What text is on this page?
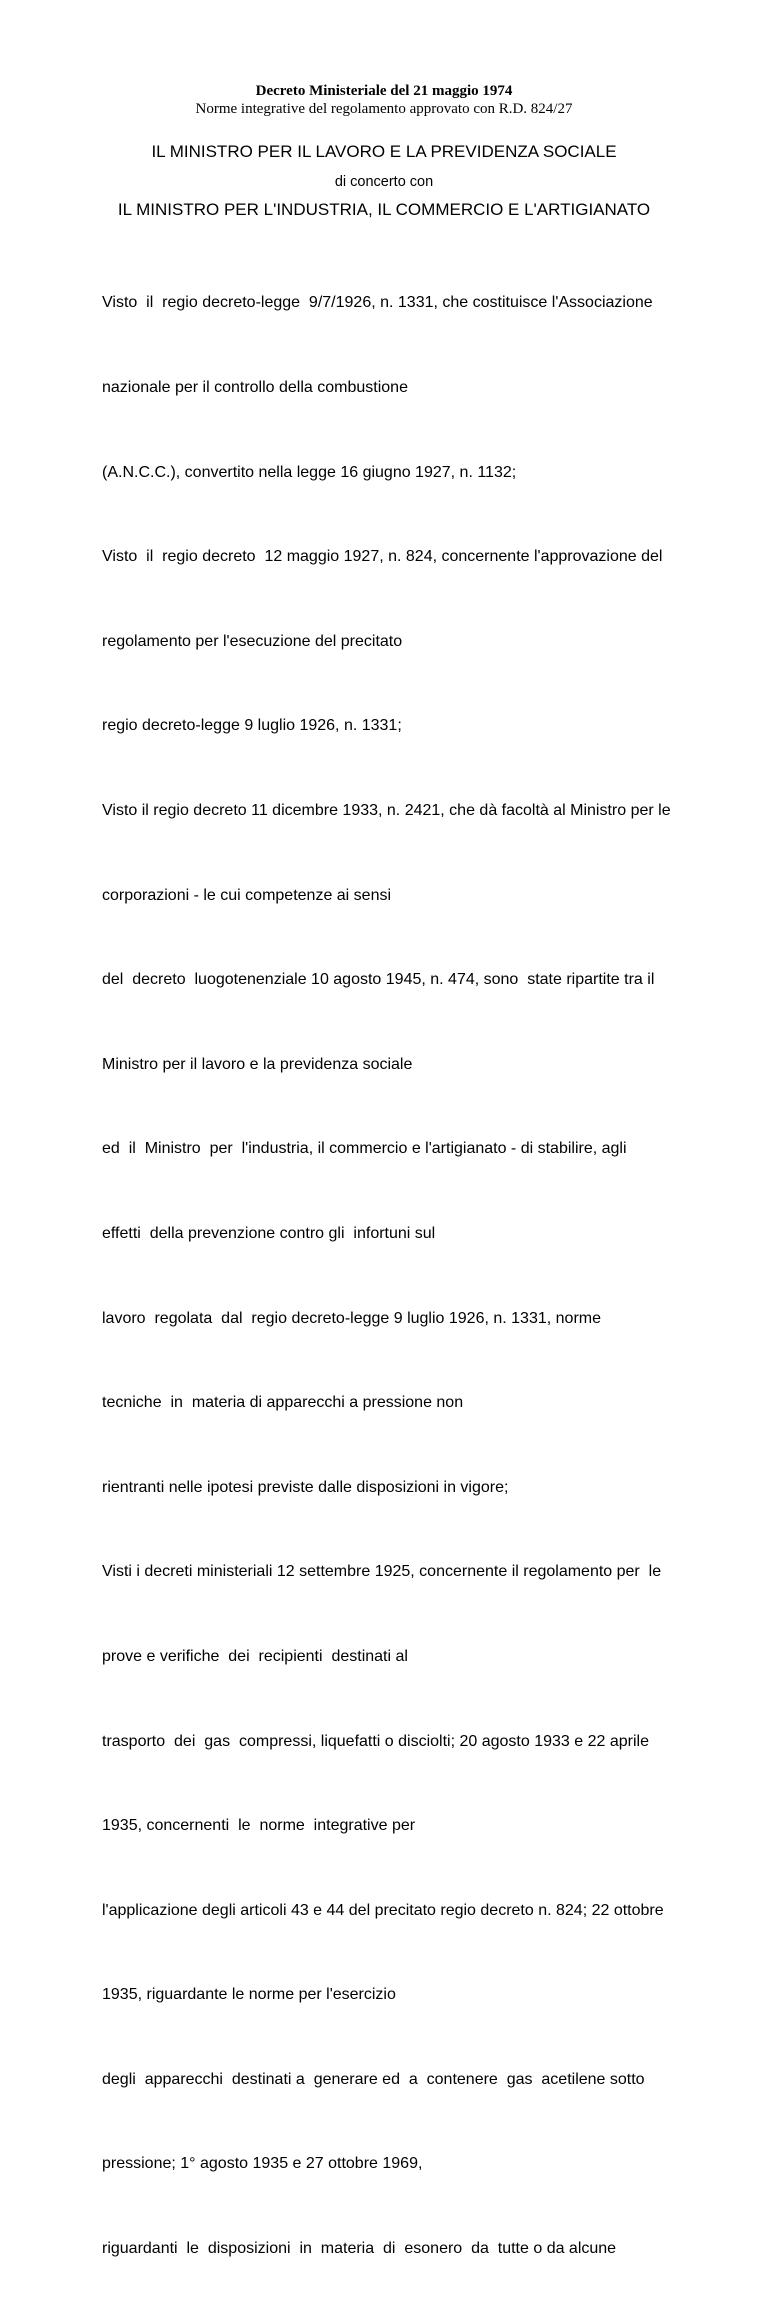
Decreto Ministeriale del 21 maggio 1974
Norme integrative del regolamento approvato con R.D. 824/27
IL MINISTRO PER IL LAVORO E LA PREVIDENZA SOCIALE
di concerto con
IL MINISTRO PER L'INDUSTRIA, IL COMMERCIO E L'ARTIGIANATO

Visto  il  regio decreto-legge  9/7/1926, n. 1331, che costituisce l'Associazione

nazionale per il controllo della combustione

(A.N.C.C.), convertito nella legge 16 giugno 1927, n. 1132;

Visto  il  regio decreto  12 maggio 1927, n. 824, concernente l'approvazione del

regolamento per l'esecuzione del precitato

regio decreto-legge 9 luglio 1926, n. 1331;

Visto il regio decreto 11 dicembre 1933, n. 2421, che dà facoltà al Ministro per le

corporazioni - le cui competenze ai sensi

del  decreto  luogotenenziale 10 agosto 1945, n. 474, sono  state ripartite tra il

Ministro per il lavoro e la previdenza sociale

ed  il  Ministro  per  l'industria, il commercio e l'artigianato - di stabilire, agli

effetti  della prevenzione contro gli  infortuni sul

lavoro  regolata  dal  regio decreto-legge 9 luglio 1926, n. 1331, norme

tecniche  in  materia di apparecchi a pressione non

rientranti nelle ipotesi previste dalle disposizioni in vigore;

Visti i decreti ministeriali 12 settembre 1925, concernente il regolamento per  le

prove e verifiche  dei  recipienti  destinati al

trasporto  dei  gas  compressi, liquefatti o disciolti; 20 agosto 1933 e 22 aprile

1935, concernenti  le  norme  integrative per

l'applicazione degli articoli 43 e 44 del precitato regio decreto n. 824; 22 ottobre

1935, riguardante le norme per l'esercizio

degli  apparecchi  destinati a  generare ed  a  contenere  gas  acetilene sotto

pressione; 1° agosto 1935 e 27 ottobre 1969,

riguardanti  le  disposizioni  in  materia  di  esonero  da  tutte o da alcune
